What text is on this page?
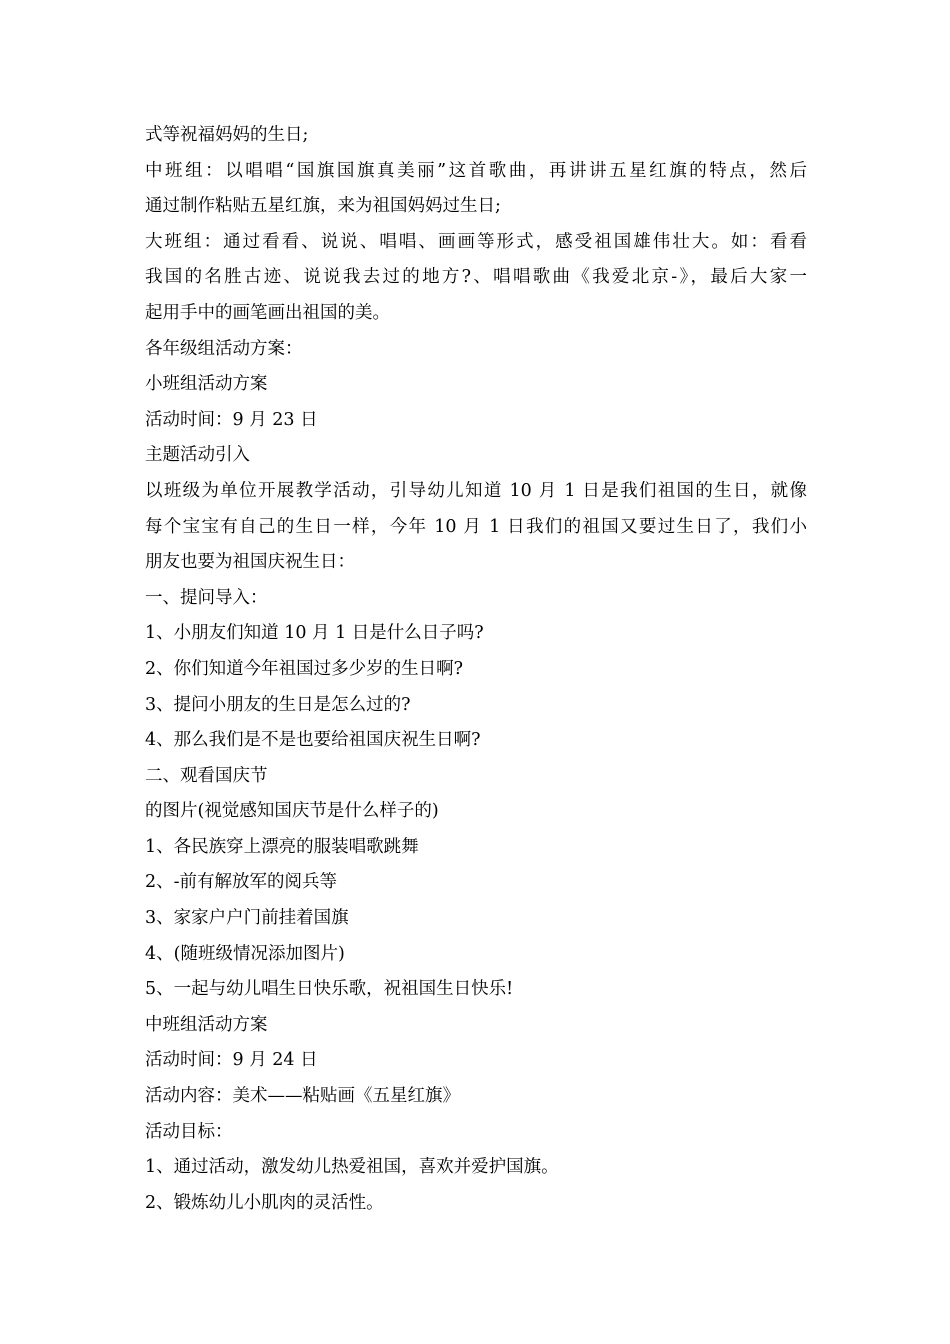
式等祝福妈妈的生日;
中班组：以唱唱“国旗国旗真美丽”这首歌曲，再讲讲五星红旗的特点，然后
通过制作粘贴五星红旗，来为祖国妈妈过生日;
大班组：通过看看、说说、唱唱、画画等形式，感受祖国雄伟壮大。如：看看
我国的名胜古迹、说说我去过的地方?、唱唱歌曲《我爱北京-》，最后大家一
起用手中的画笔画出祖国的美。
各年级组活动方案：
小班组活动方案
活动时间：9 月 23 日
主题活动引入
以班级为单位开展教学活动，引导幼儿知道 10 月 1 日是我们祖国的生日，就像
每个宝宝有自己的生日一样，今年 10 月 1 日我们的祖国又要过生日了，我们小
朋友也要为祖国庆祝生日：
一、提问导入：
1、小朋友们知道 10 月 1 日是什么日子吗?
2、你们知道今年祖国过多少岁的生日啊?
3、提问小朋友的生日是怎么过的?
4、那么我们是不是也要给祖国庆祝生日啊?
二、观看国庆节
的图片(视觉感知国庆节是什么样子的)
1、各民族穿上漂亮的服装唱歌跳舞
2、-前有解放军的阅兵等
3、家家户户门前挂着国旗
4、(随班级情况添加图片)
5、一起与幼儿唱生日快乐歌，祝祖国生日快乐!
中班组活动方案
活动时间：9 月 24 日
活动内容：美术——粘贴画《五星红旗》
活动目标：
1、通过活动，激发幼儿热爱祖国，喜欢并爱护国旗。
2、锻炼幼儿小肌肉的灵活性。
